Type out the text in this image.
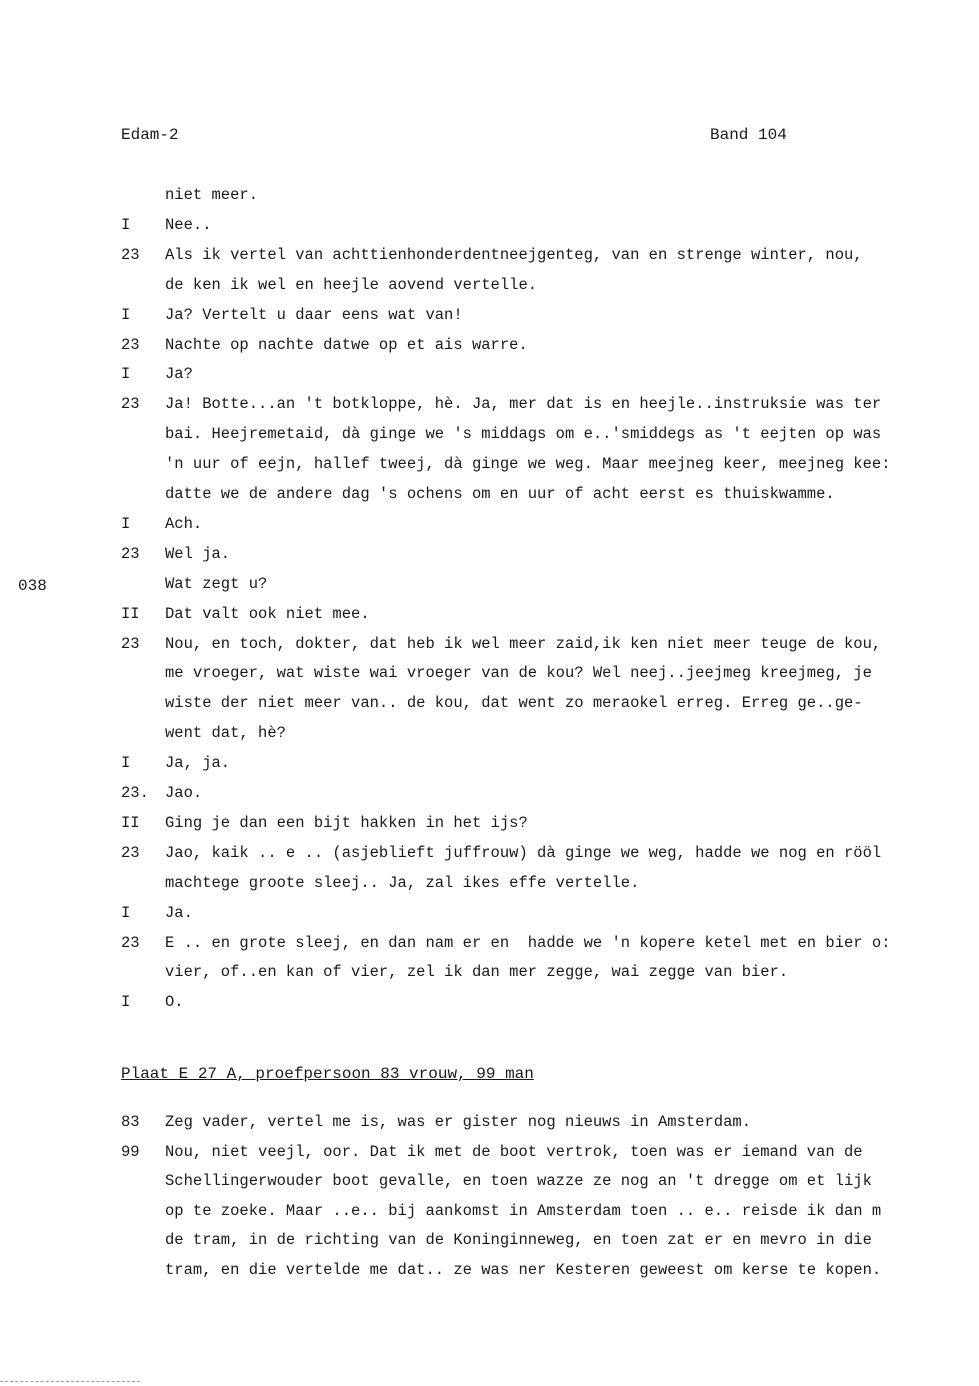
Edam-2	Band 104
038
niet meer.
I Nee..
23 Als ik vertel van achttienhonderdentneejgenteg, van en strenge winter, nou,
de ken ik wel en heejle aovend vertelle.
I Ja? Vertelt u daar eens wat van!
23 Nachte op nachte datwe op et ais warre.
I Ja?
23 Ja! Botte...an 't botkloppe, hè. Ja, mer dat is en heejle..instruksie was ter
bai. Heejremetaid, dà ginge we 's middags om e..'smiddegs as 't eejten op was
'n uur of eejn, hallef tweej, dà ginge we weg. Maar meejneg keer, meejneg kee:
datte we de andere dag 's ochens om en uur of acht eerst es thuiskwamme.
I Ach.
23 Wel ja.
Wat zegt u?
II Dat valt ook niet mee.
23 Nou, en toch, dokter, dat heb ik wel meer zaid,ik ken niet meer teuge de kou,
me vroeger, wat wiste wai vroeger van de kou? Wel neej..jeejmeg kreejmeg, je
wiste der niet meer van.. de kou, dat went zo meraokel erreg. Erreg ge..ge-
went dat, hè?
I Ja, ja.
23. Jao.
II Ging je dan een bijt hakken in het ijs?
23 Jao, kaik .. e .. (asjeblieft juffrouw) dà ginge we weg, hadde we nog en rööl
machtege groote sleej.. Ja, zal ikes effe vertelle.
I Ja.
23 E .. en grote sleej, en dan nam er en  hadde we 'n kopere ketel met en bier o:
vier, of..en kan of vier, zel ik dan mer zegge, wai zegge van bier.
I O.
Plaat E 27 A, proefpersoon 83 vrouw, 99 man
83 Zeg vader, vertel me is, was er gister nog nieuws in Amsterdam.
99 Nou, niet veejl, oor. Dat ik met de boot vertrok, toen was er iemand van de
Schellingerwouder boot gevalle, en toen wazze ze nog an 't dregge om et lijk
op te zoeke. Maar ..e.. bij aankomst in Amsterdam toen .. e.. reisde ik dan m
de tram, in de richting van de Koninginneweg, en toen zat er en mevro in die
tram, en die vertelde me dat.. ze was ner Kesteren geweest om kerse te kopen.
